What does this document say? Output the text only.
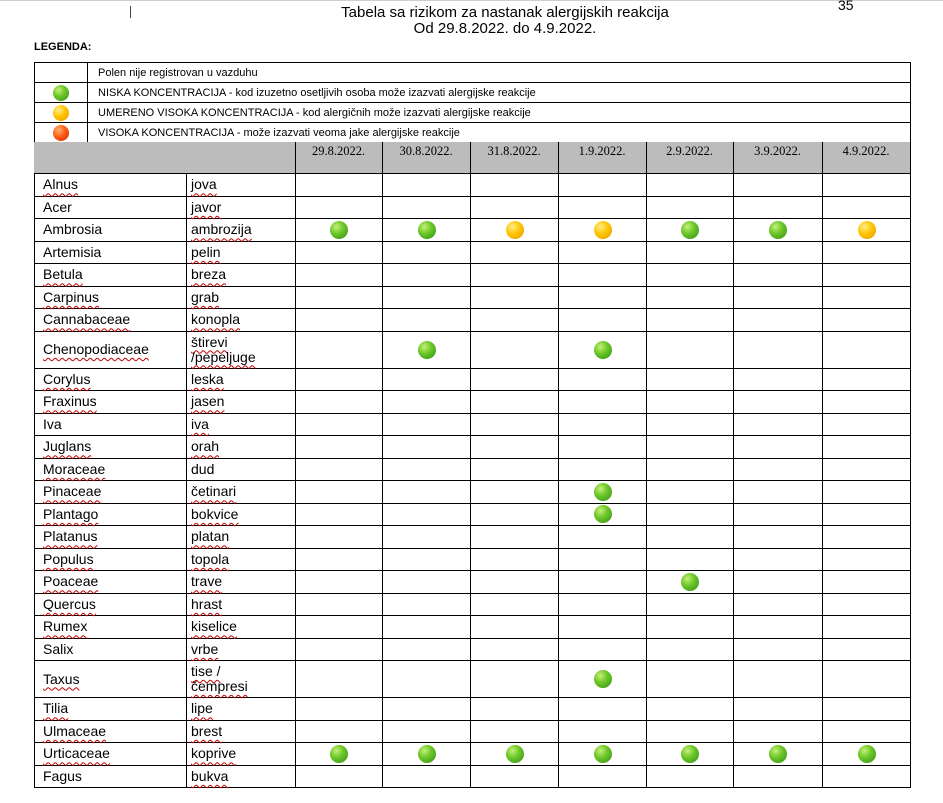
35
Tabela sa rizikom za nastanak alergijskih reakcija
Od 29.8.2022. do 4.9.2022.
LEGENDA:
	Polen nije registrovan u vazduhu
	NISKA KONCENTRACIJA - kod izuzetno osetljivih osoba može izazvati alergijske reakcije
	UMERENO VISOKA KONCENTRACIJA - kod alergičnih može izazvati alergijske reakcije
	VISOKA KONCENTRACIJA - može izazvati veoma jake alergijske reakcije
29.8.2022.	30.8.2022.	31.8.2022.	1.9.2022.	2.9.2022.	3.9.2022.	4.9.2022.
Alnus	jova							
Acer	javor							
Ambrosia	ambrozija							
Artemisia	pelin							
Betula	breza							
Carpinus	grab							
Cannabaceae	konopla							
Chenopodiaceae	štirevi
/pepeljuge							
Corylus	leska							
Fraxinus	jasen							
Iva	iva							
Juglans	orah							
Moraceae	dud							
Pinaceae	četinari							
Plantago	bokvice							
Platanus	platan							
Populus	topola							
Poaceae	trave							
Quercus	hrast							
Rumex	kiselice							
Salix	vrbe							
Taxus	tise /
čempresi							
Tilia	lipe							
Ulmaceae	brest							
Urticaceae	koprive							
Fagus	bukva							
